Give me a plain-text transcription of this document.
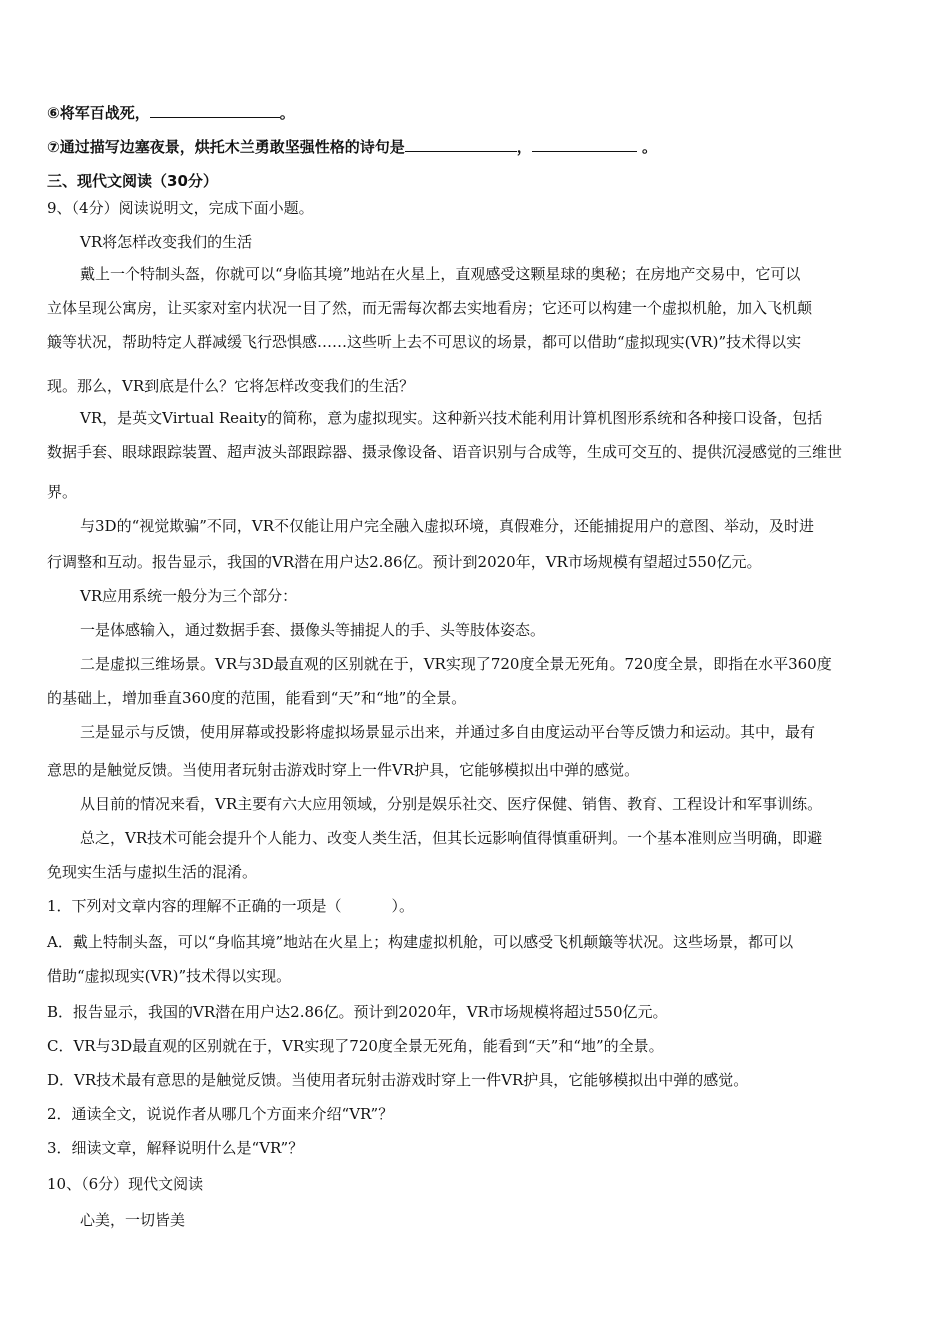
⑥将军百战死，	。
⑦通过描写边塞夜景，烘托木兰勇敢坚强性格的诗句是	，	。
三、现代文阅读（30分）
9、（4分）阅读说明文，完成下面小题。
VR将怎样改变我们的生活
戴上一个特制头盔，你就可以“身临其境”地站在火星上，直观感受这颗星球的奥秘；在房地产交易中，它可以
立体呈现公寓房，让买家对室内状况一目了然，而无需每次都去实地看房；它还可以构建一个虚拟机舱，加入飞机颠
簸等状况，帮助特定人群减缓飞行恐惧感……这些听上去不可思议的场景，都可以借助“虚拟现实(VR)”技术得以实
现。那么，VR到底是什么？它将怎样改变我们的生活？
VR，是英文Virtual Reaity的简称，意为虚拟现实。这种新兴技术能利用计算机图形系统和各种接口设备，包括
数据手套、眼球跟踪装置、超声波头部跟踪器、摄录像设备、语音识别与合成等，生成可交互的、提供沉浸感觉的三维世
界。
与3D的“视觉欺骗”不同，VR不仅能让用户完全融入虚拟环境，真假难分，还能捕捉用户的意图、举动，及时进
行调整和互动。报告显示，我国的VR潜在用户达2.86亿。预计到2020年，VR市场规模有望超过550亿元。
VR应用系统一般分为三个部分：
一是体感输入，通过数据手套、摄像头等捕捉人的手、头等肢体姿态。
二是虚拟三维场景。VR与3D最直观的区别就在于，VR实现了720度全景无死角。720度全景，即指在水平360度
的基础上，增加垂直360度的范围，能看到“天”和“地”的全景。
三是显示与反馈，使用屏幕或投影将虚拟场景显示出来，并通过多自由度运动平台等反馈力和运动。其中，最有
意思的是触觉反馈。当使用者玩射击游戏时穿上一件VR护具，它能够模拟出中弹的感觉。
从目前的情况来看，VR主要有六大应用领域，分别是娱乐社交、医疗保健、销售、教育、工程设计和军事训练。
总之，VR技术可能会提升个人能力、改变人类生活，但其长远影响值得慎重研判。一个基本准则应当明确，即避
免现实生活与虚拟生活的混淆。
1．下列对文章内容的理解不正确的一项是（	）。
A．戴上特制头盔，可以“身临其境”地站在火星上；构建虚拟机舱，可以感受飞机颠簸等状况。这些场景，都可以
借助“虚拟现实(VR)”技术得以实现。
B．报告显示，我国的VR潜在用户达2.86亿。预计到2020年，VR市场规模将超过550亿元。
C．VR与3D最直观的区别就在于，VR实现了720度全景无死角，能看到“天”和“地”的全景。
D．VR技术最有意思的是触觉反馈。当使用者玩射击游戏时穿上一件VR护具，它能够模拟出中弹的感觉。
2．通读全文，说说作者从哪几个方面来介绍“VR”？
3．细读文章，解释说明什么是“VR”？
10、（6分）现代文阅读
心美，一切皆美
